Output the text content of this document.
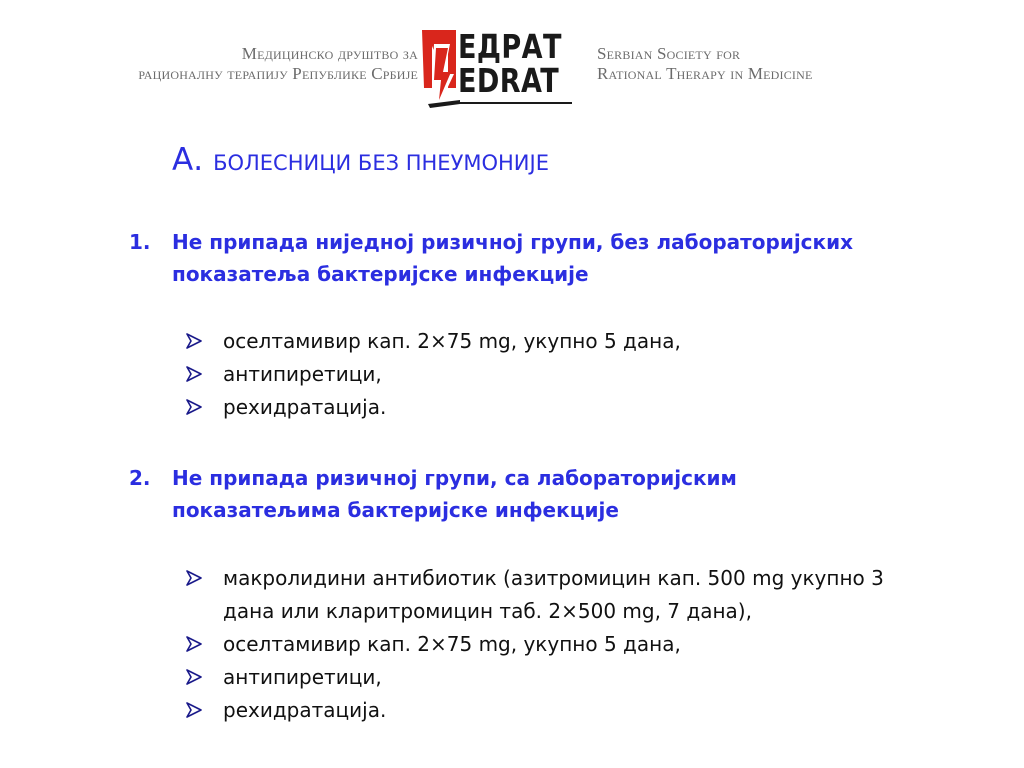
Медицинско друштво за
рационалну терапију Републике Србије
ЕДРАТ
EDRAT
Serbian Society for
Rational Therapy in Medicine
А. БОЛЕСНИЦИ БЕЗ ПНЕУМОНИЈЕ
1. Не припада ниједној ризичној групи, без лабораторијских
показатеља бактеријске инфекције
оселтамивир кап. 2×75 mg, укупно 5 дана,
антипиретици,
рехидратација.
2. Не припада ризичној групи, са лабораторијским
показатељима бактеријске инфекције
макролидини антибиотик (азитромицин кап. 500 mg укупно 3
дана или кларитромицин таб. 2×500 mg, 7 дана),
оселтамивир кап. 2×75 mg, укупно 5 дана,
антипиретици,
рехидратација.
